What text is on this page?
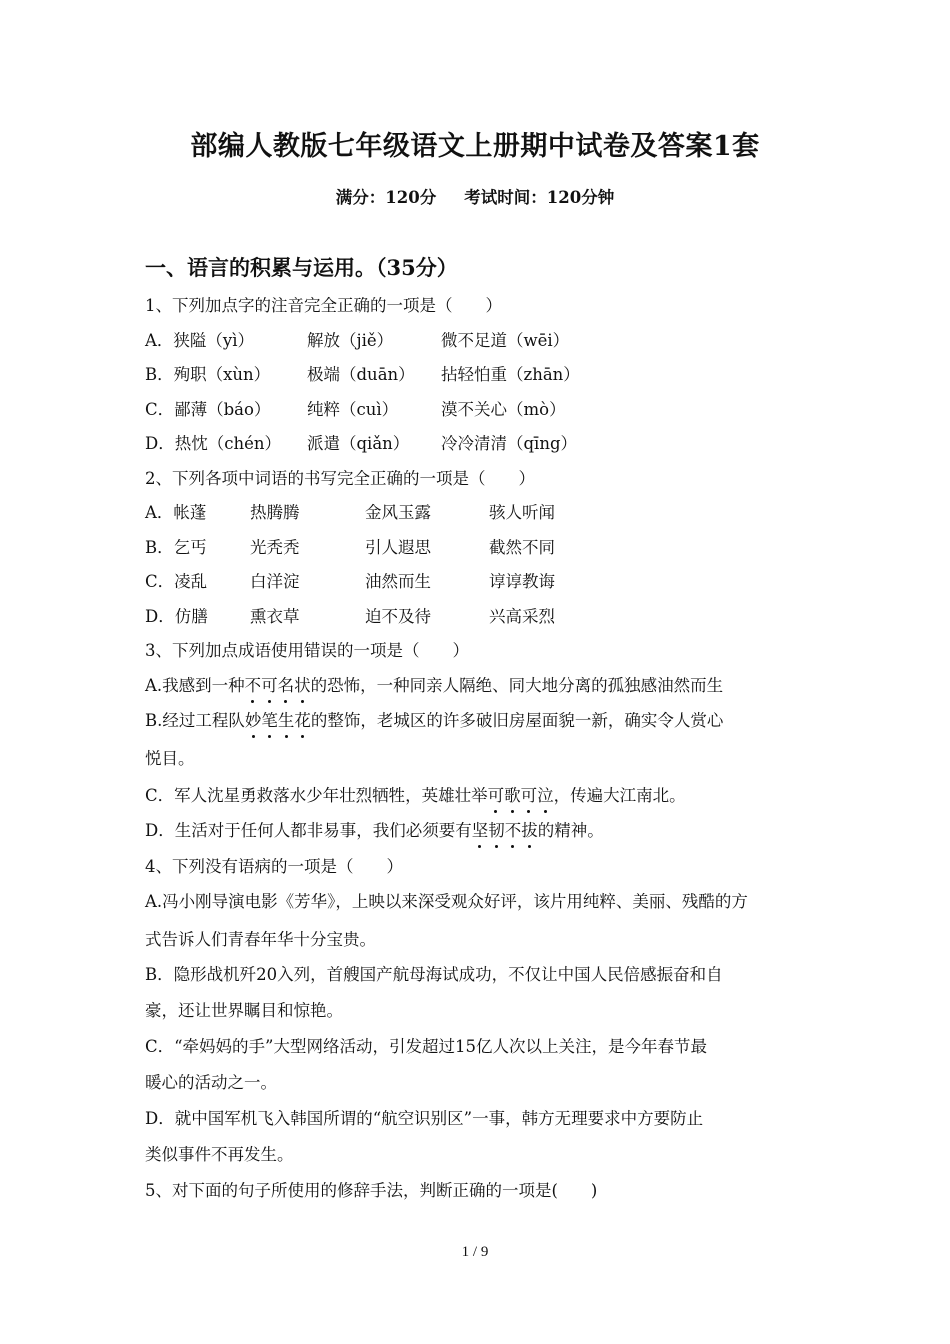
部编人教版七年级语文上册期中试卷及答案1套
满分：120分 考试时间：120分钟
一、语言的积累与运用。（35分）
1、下列加点字的注音完全正确的一项是（　　）
A．狭隘（yì）	解放（jiě）	微不足道（wēi）
B．殉职（xùn） 极端（duān） 拈轻怕重（zhān）
C．鄙薄（báo） 纯粹（cuì）	漠不关心（mò）
D．热忱（chén） 派遣（qiǎn） 冷冷清清（qīng）
2、下列各项中词语的书写完全正确的一项是（　　）
A．帐蓬	热腾腾	金风玉露	骇人听闻
B．乞丐	光秃秃	引人遐思	截然不同
C．凌乱	白洋淀	油然而生	谆谆教诲
D．仿膳	熏衣草	迫不及待	兴高采烈
3、下列加点成语使用错误的一项是（　　）
A.我感到一种不可名状的恐怖，一种同亲人隔绝、同大地分离的孤独感油然而生
B.经过工程队妙笔生花的整饰，老城区的许多破旧房屋面貌一新，确实令人赏心
悦目。
C．军人沈星勇救落水少年壮烈牺牲，英雄壮举可歌可泣，传遍大江南北。
D．生活对于任何人都非易事，我们必须要有坚韧不拔的精神。
4、下列没有语病的一项是（　　）
A.冯小刚导演电影《芳华》，上映以来深受观众好评，该片用纯粹、美丽、残酷的方
式告诉人们青春年华十分宝贵。
B．隐形战机歼20入列，首艘国产航母海试成功，不仅让中国人民倍感振奋和自
豪，还让世界瞩目和惊艳。
C．“牵妈妈的手”大型网络活动，引发超过15亿人次以上关注，是今年春节最
暖心的活动之一。
D．就中国军机飞入韩国所谓的“航空识别区”一事，韩方无理要求中方要防止
类似事件不再发生。
5、对下面的句子所使用的修辞手法，判断正确的一项是(　　)
1 / 9
